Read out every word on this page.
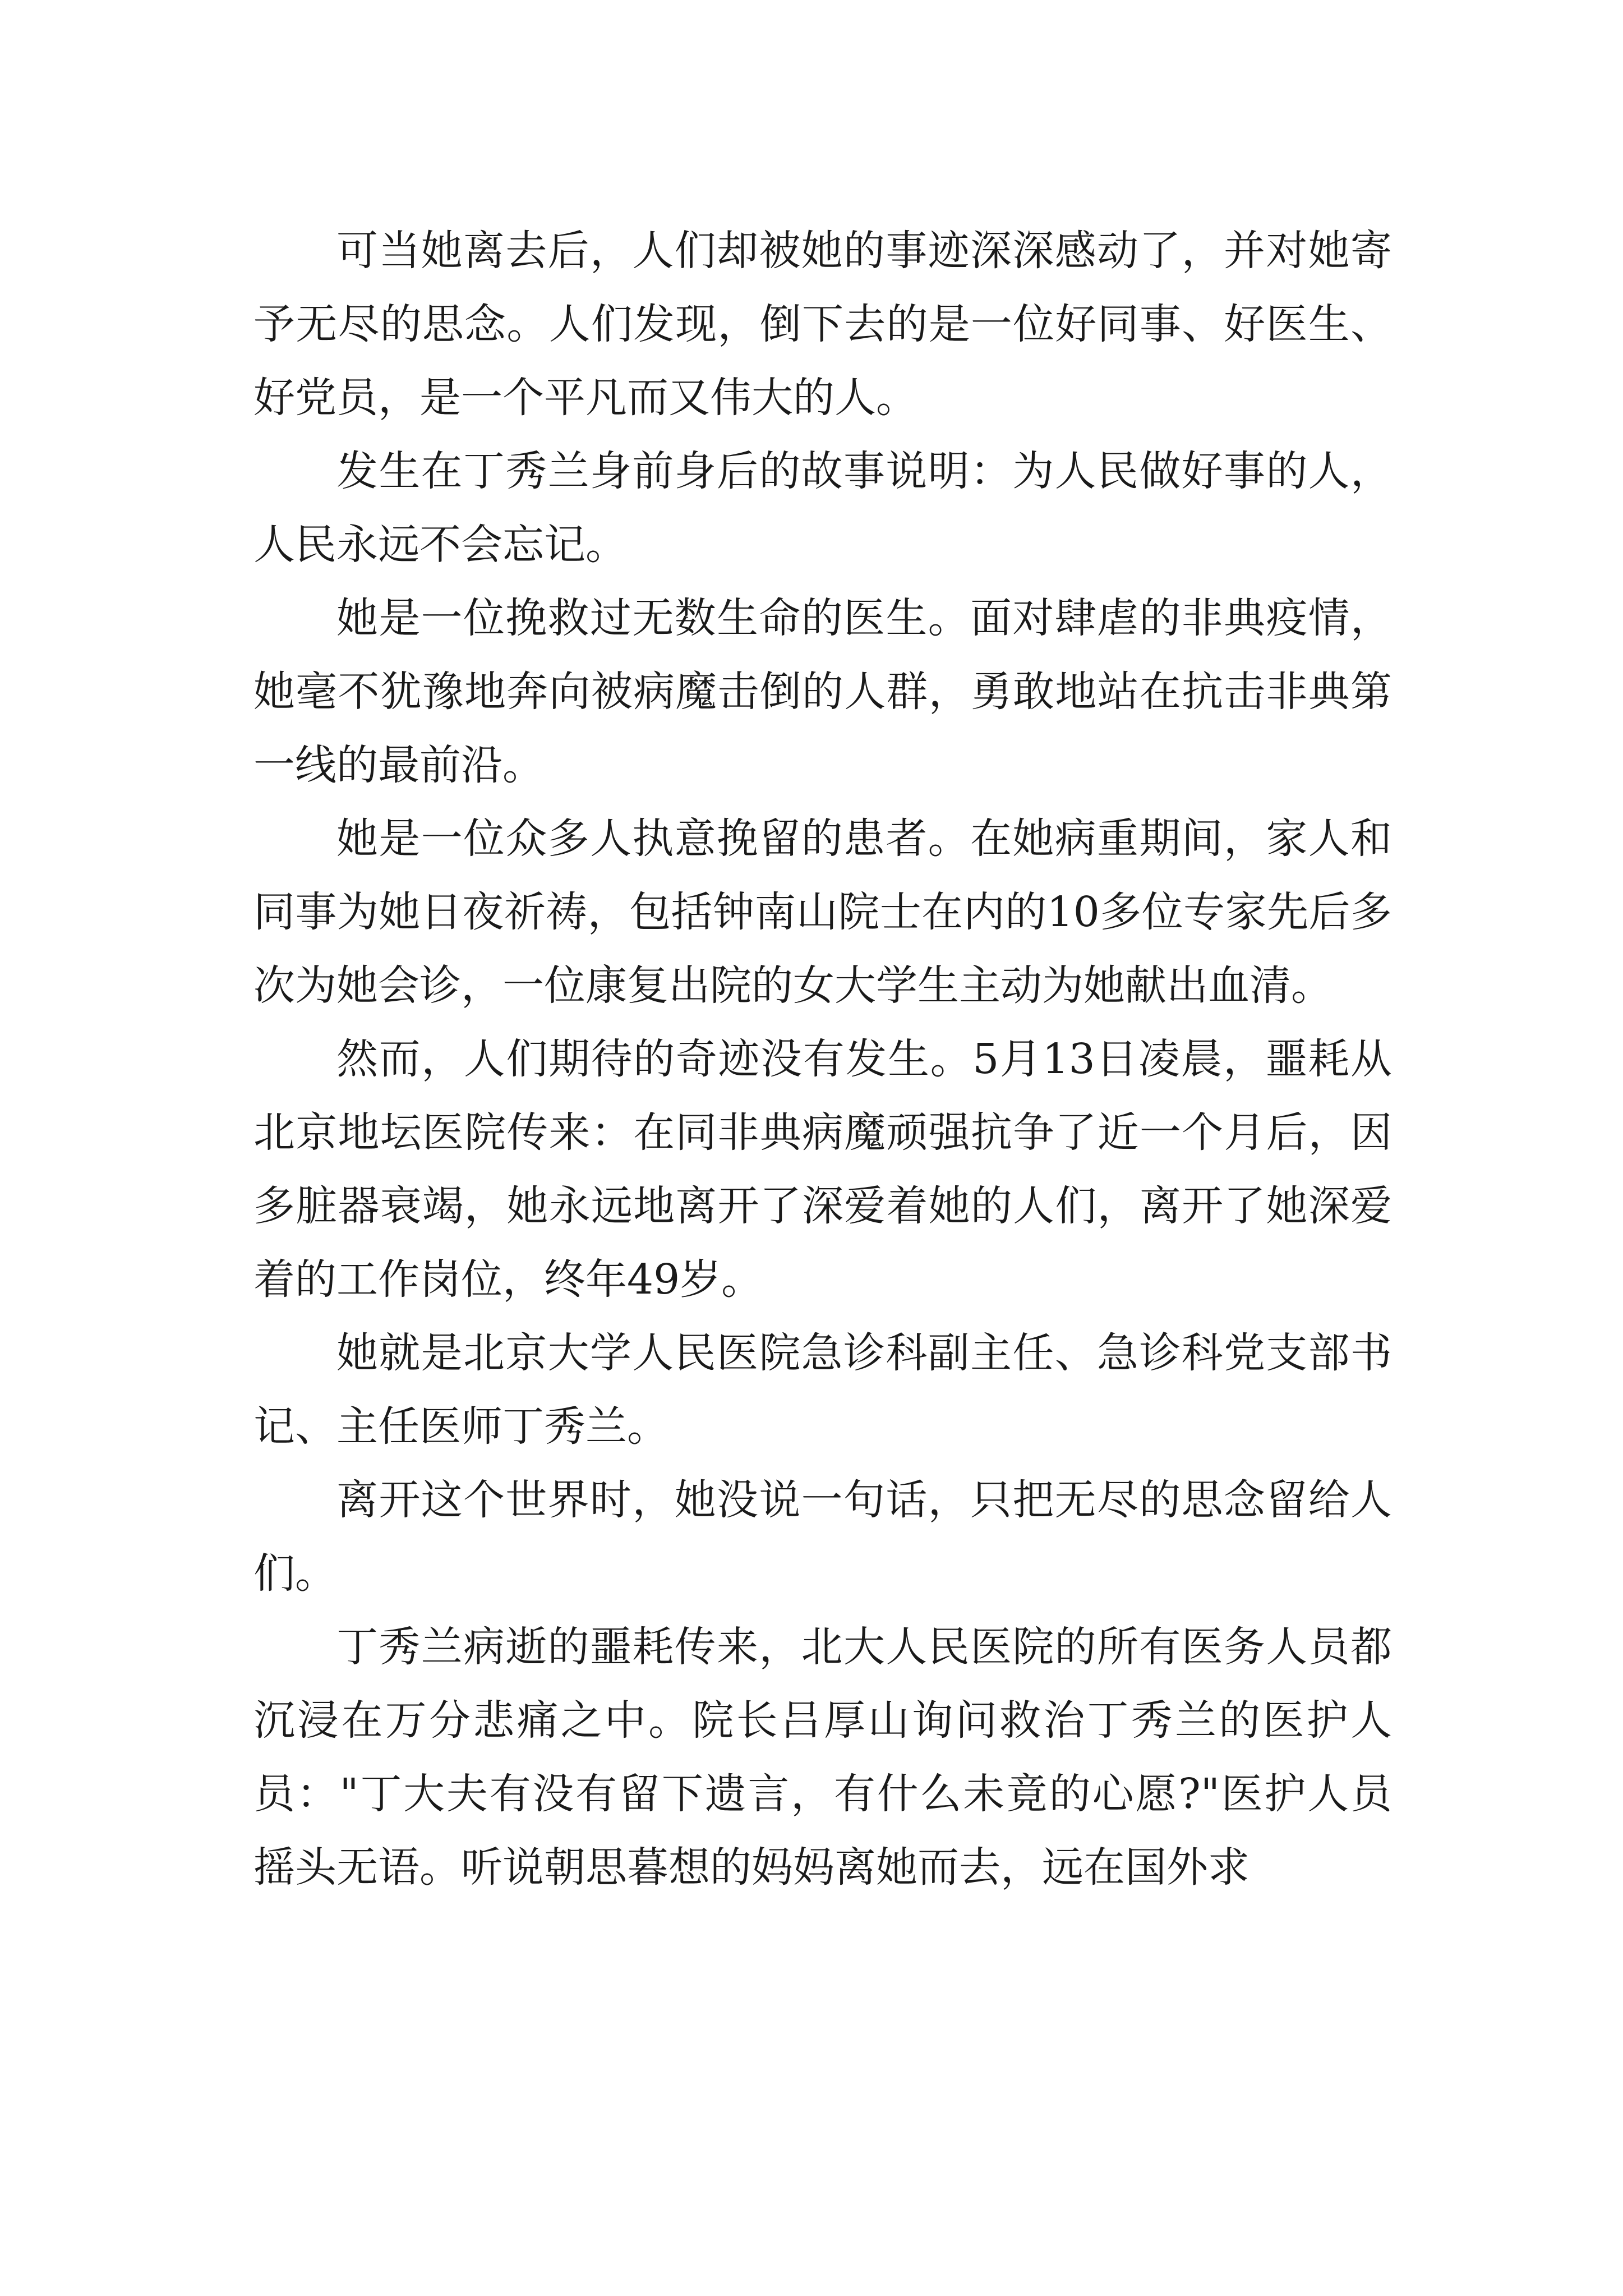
可当她离去后，人们却被她的事迹深深感动了，并对她寄予无尽的思念。人们发现，倒下去的是一位好同事、好医生、好党员，是一个平凡而又伟大的人。

发生在丁秀兰身前身后的故事说明：为人民做好事的人，人民永远不会忘记。

她是一位挽救过无数生命的医生。面对肆虐的非典疫情，她毫不犹豫地奔向被病魔击倒的人群，勇敢地站在抗击非典第一线的最前沿。

她是一位众多人执意挽留的患者。在她病重期间，家人和同事为她日夜祈祷，包括钟南山院士在内的10多位专家先后多次为她会诊，一位康复出院的女大学生主动为她献出血清。

然而，人们期待的奇迹没有发生。5月13日凌晨，噩耗从北京地坛医院传来：在同非典病魔顽强抗争了近一个月后，因多脏器衰竭，她永远地离开了深爱着她的人们，离开了她深爱着的工作岗位，终年49岁。

她就是北京大学人民医院急诊科副主任、急诊科党支部书记、主任医师丁秀兰。

离开这个世界时，她没说一句话，只把无尽的思念留给人们。

丁秀兰病逝的噩耗传来，北大人民医院的所有医务人员都沉浸在万分悲痛之中。院长吕厚山询问救治丁秀兰的医护人员："丁大夫有没有留下遗言，有什么未竟的心愿?"医护人员摇头无语。听说朝思暮想的妈妈离她而去，远在国外求
